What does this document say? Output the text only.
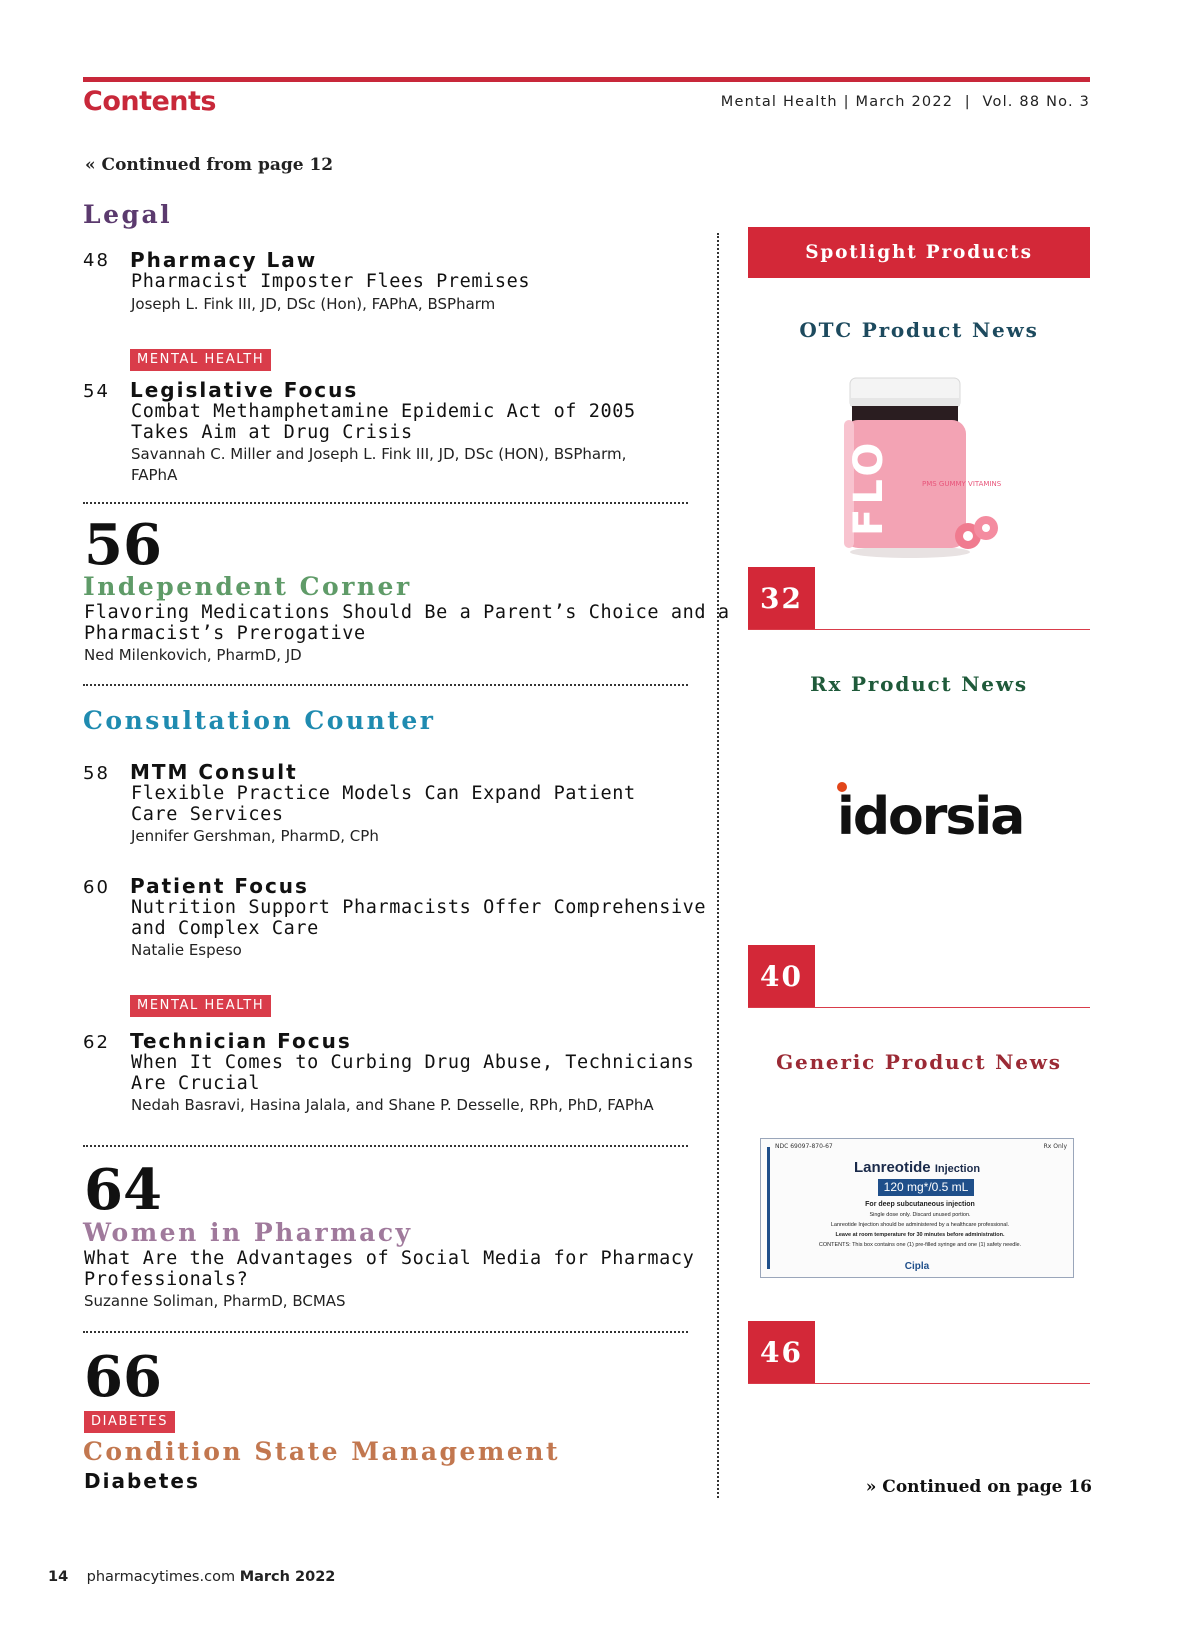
Contents	Mental Health | March 2022  |  Vol. 88 No. 3
« Continued from page 12
Legal
48 Pharmacy Law
Pharmacist Imposter Flees Premises
Joseph L. Fink III, JD, DSc (Hon), FAPhA, BSPharm
MENTAL HEALTH
54 Legislative Focus
Combat Methamphetamine Epidemic Act of 2005
Takes Aim at Drug Crisis
Savannah C. Miller and Joseph L. Fink III, JD, DSc (HON), BSPharm,
FAPhA
56
Independent Corner
Flavoring Medications Should Be a Parent’s Choice and a
Pharmacist’s Prerogative
Ned Milenkovich, PharmD, JD
Consultation Counter
58 MTM Consult
Flexible Practice Models Can Expand Patient
Care Services
Jennifer Gershman, PharmD, CPh
60 Patient Focus
Nutrition Support Pharmacists Offer Comprehensive
and Complex Care
Natalie Espeso
MENTAL HEALTH
62 Technician Focus
When It Comes to Curbing Drug Abuse, Technicians
Are Crucial
Nedah Basravi, Hasina Jalala, and Shane P. Desselle, RPh, PhD, FAPhA
64
Women in Pharmacy
What Are the Advantages of Social Media for Pharmacy
Professionals?
Suzanne Soliman, PharmD, BCMAS
66
DIABETES
Condition State Management
Diabetes
Spotlight Products
OTC Product News
FLO	PMS GUMMY VITAMINS
32
Rx Product News
idorsia
40
Generic Product News
NDC 69097-870-67	Rx Only
Lanreotide Injection
120 mg*/0.5 mL
For deep subcutaneous injection
Single dose only. Discard unused portion.
Lanreotide Injection should be administered by a healthcare professional.
Leave at room temperature for 30 minutes before administration.
CONTENTS: This box contains one (1) pre-filled syringe and one (1) safety needle.
Cipla
46
» Continued on page 16
14 pharmacytimes.com March 2022
